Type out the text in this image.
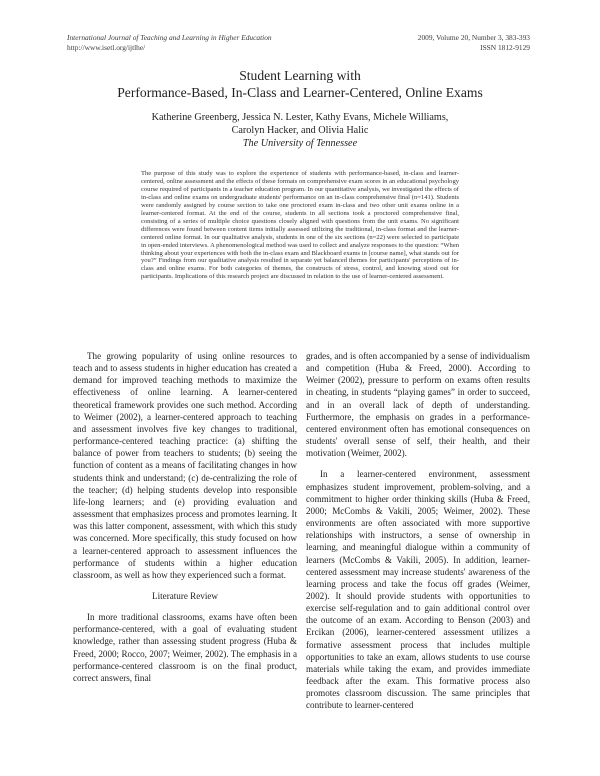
International Journal of Teaching and Learning in Higher Education
http://www.isetl.org/ijtlhe/
2009, Volume 20, Number 3, 383-393
ISSN 1812-9129
Student Learning with
Performance-Based, In-Class and Learner-Centered, Online Exams
Katherine Greenberg, Jessica N. Lester, Kathy Evans, Michele Williams,
Carolyn Hacker, and Olivia Halic
The University of Tennessee

The purpose of this study was to explore the experience of students with performance-based, in-class and learner-centered, online assessment and the effects of these formats on comprehensive exam scores in an educational psychology course required of participants in a teacher education program. In our quantitative analysis, we investigated the effects of in-class and online exams on undergraduate students' performance on an in-class comprehensive final (n=141). Students were randomly assigned by course section to take one proctored exam in-class and two other unit exams online in a learner-centered format. At the end of the course, students in all sections took a proctored comprehensive final, consisting of a series of multiple choice questions closely aligned with questions from the unit exams. No significant differences were found between content items initially assessed utilizing the traditional, in-class format and the learner-centered online format. In our qualitative analysis, students in one of the six sections (n=22) were selected to participate in open-ended interviews. A phenomenological method was used to collect and analyze responses to the question: “When thinking about your experiences with both the in-class exam and Blackboard exams in [course name], what stands out for you?” Findings from our qualitative analysis resulted in separate yet balanced themes for participants' perceptions of in-class and online exams. For both categories of themes, the constructs of stress, control, and knowing stood out for participants. Implications of this research project are discussed in relation to the use of learner-centered assessment.

The growing popularity of using online resources to teach and to assess students in higher education has created a demand for improved teaching methods to maximize the effectiveness of online learning. A learner-centered theoretical framework provides one such method. According to Weimer (2002), a learner-centered approach to teaching and assessment involves five key changes to traditional, performance-centered teaching practice: (a) shifting the balance of power from teachers to students; (b) seeing the function of content as a means of facilitating changes in how students think and understand; (c) de-centralizing the role of the teacher; (d) helping students develop into responsible life-long learners; and (e) providing evaluation and assessment that emphasizes process and promotes learning. It was this latter component, assessment, with which this study was concerned. More specifically, this study focused on how a learner-centered approach to assessment influences the performance of students within a higher education classroom, as well as how they experienced such a format.

Literature Review

In more traditional classrooms, exams have often been performance-centered, with a goal of evaluating student knowledge, rather than assessing student progress (Huba & Freed, 2000; Rocco, 2007; Weimer, 2002). The emphasis in a performance-centered classroom is on the final product, correct answers, final

grades, and is often accompanied by a sense of individualism and competition (Huba & Freed, 2000). According to Weimer (2002), pressure to perform on exams often results in cheating, in students “playing games” in order to succeed, and in an overall lack of depth of understanding. Furthermore, the emphasis on grades in a performance-centered environment often has emotional consequences on students' overall sense of self, their health, and their motivation (Weimer, 2002).

In a learner-centered environment, assessment emphasizes student improvement, problem-solving, and a commitment to higher order thinking skills (Huba & Freed, 2000; McCombs & Vakili, 2005; Weimer, 2002). These environments are often associated with more supportive relationships with instructors, a sense of ownership in learning, and meaningful dialogue within a community of learners (McCombs & Vakili, 2005). In addition, learner-centered assessment may increase students' awareness of the learning process and take the focus off grades (Weimer, 2002). It should provide students with opportunities to exercise self-regulation and to gain additional control over the outcome of an exam. According to Benson (2003) and Ercikan (2006), learner-centered assessment utilizes a formative assessment process that includes multiple opportunities to take an exam, allows students to use course materials while taking the exam, and provides immediate feedback after the exam. This formative process also promotes classroom discussion. The same principles that contribute to learner-centered
